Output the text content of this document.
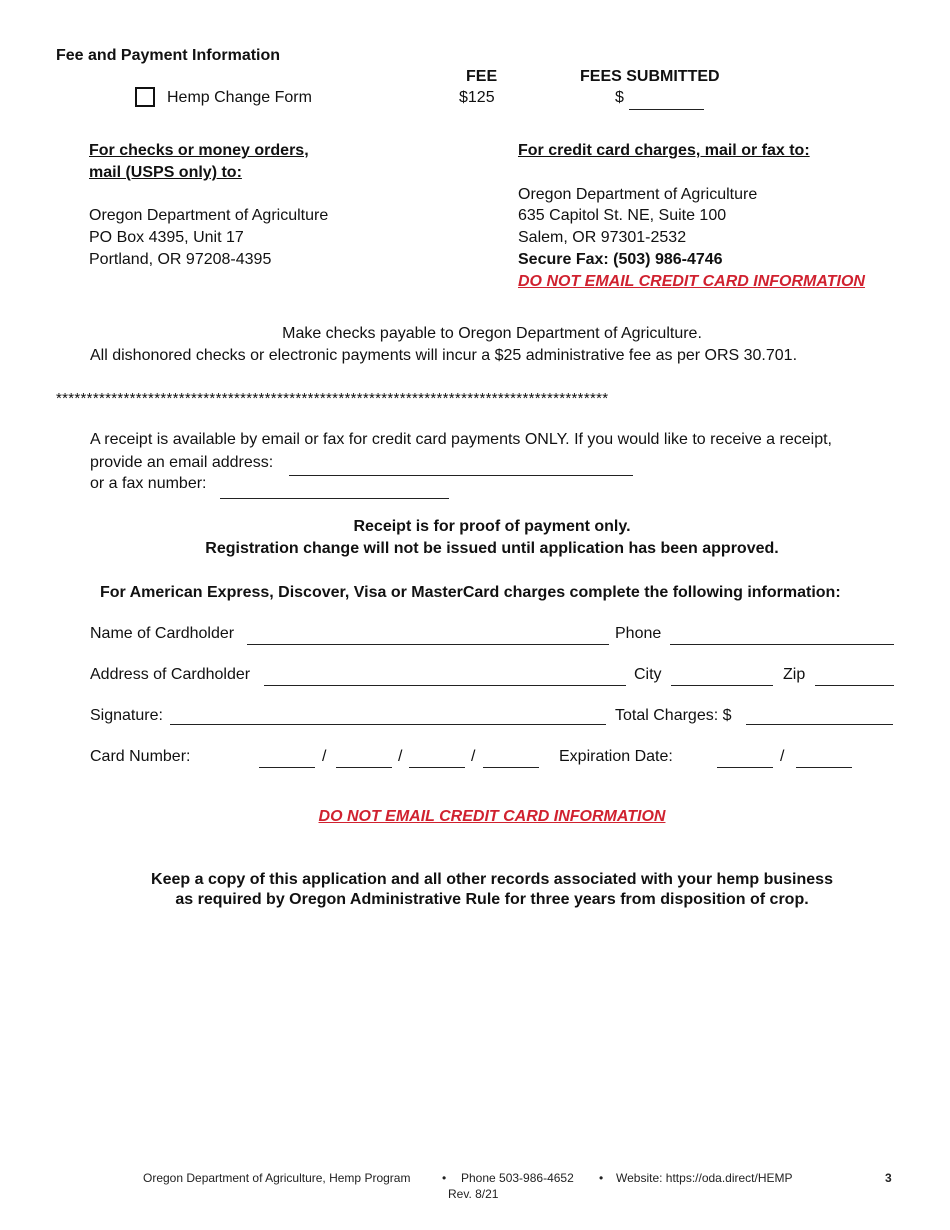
Fee and Payment Information
FEE	FEES SUBMITTED
Hemp Change Form	$125	$
For checks or money orders,
mail (USPS only) to:
Oregon Department of Agriculture
PO Box 4395, Unit 17
Portland, OR 97208-4395
For credit card charges, mail or fax to:
Oregon Department of Agriculture
635 Capitol St. NE, Suite 100
Salem, OR 97301-2532
Secure Fax: (503) 986-4746
DO NOT EMAIL CREDIT CARD INFORMATION
Make checks payable to Oregon Department of Agriculture.
All dishonored checks or electronic payments will incur a $25 administrative fee as per ORS 30.701.
******************************************************************************************
A receipt is available by email or fax for credit card payments ONLY. If you would like to receive a receipt,
provide an email address:
or a fax number:
Receipt is for proof of payment only.
Registration change will not be issued until application has been approved.
For American Express, Discover, Visa or MasterCard charges complete the following information:
Name of Cardholder	Phone
Address of Cardholder	City	Zip
Signature:	Total Charges: $
Card Number:	/	/	/	Expiration Date:	/
DO NOT EMAIL CREDIT CARD INFORMATION
Keep a copy of this application and all other records associated with your hemp business
as required by Oregon Administrative Rule for three years from disposition of crop.
Oregon Department of Agriculture, Hemp Program	• Phone 503-986-4652 • Website: https://oda.direct/HEMP	3
Rev. 8/21
